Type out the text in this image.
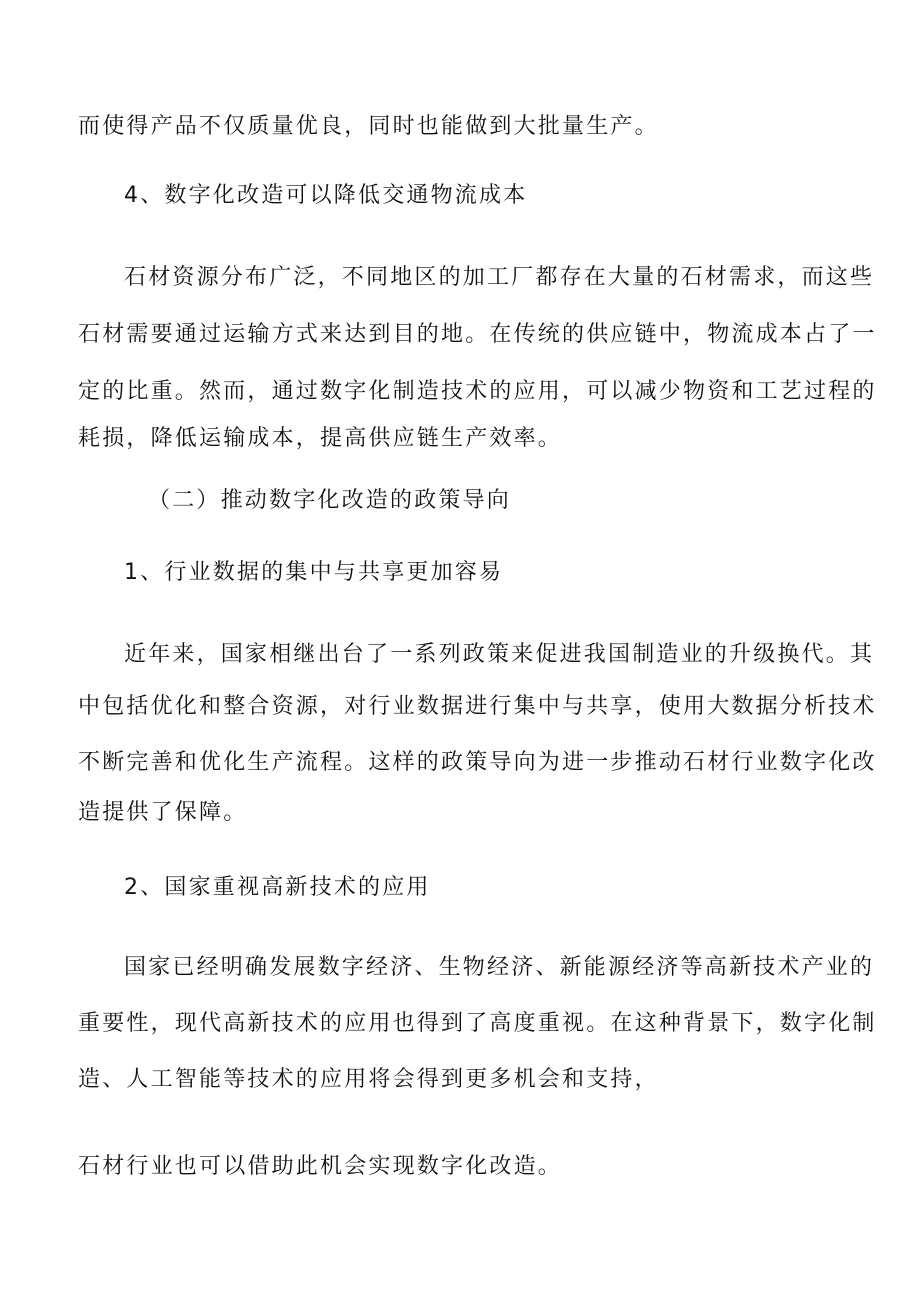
而使得产品不仅质量优良，同时也能做到大批量生产。
4、数字化改造可以降低交通物流成本
石材资源分布广泛，不同地区的加工厂都存在大量的石材需求，而这些
石材需要通过运输方式来达到目的地。在传统的供应链中，物流成本占了一
定的比重。然而，通过数字化制造技术的应用，可以减少物资和工艺过程的
耗损，降低运输成本，提高供应链生产效率。
（二）推动数字化改造的政策导向
1、行业数据的集中与共享更加容易
近年来，国家相继出台了一系列政策来促进我国制造业的升级换代。其
中包括优化和整合资源，对行业数据进行集中与共享，使用大数据分析技术
不断完善和优化生产流程。这样的政策导向为进一步推动石材行业数字化改
造提供了保障。
2、国家重视高新技术的应用
国家已经明确发展数字经济、生物经济、新能源经济等高新技术产业的
重要性，现代高新技术的应用也得到了高度重视。在这种背景下，数字化制
造、人工智能等技术的应用将会得到更多机会和支持，
石材行业也可以借助此机会实现数字化改造。
